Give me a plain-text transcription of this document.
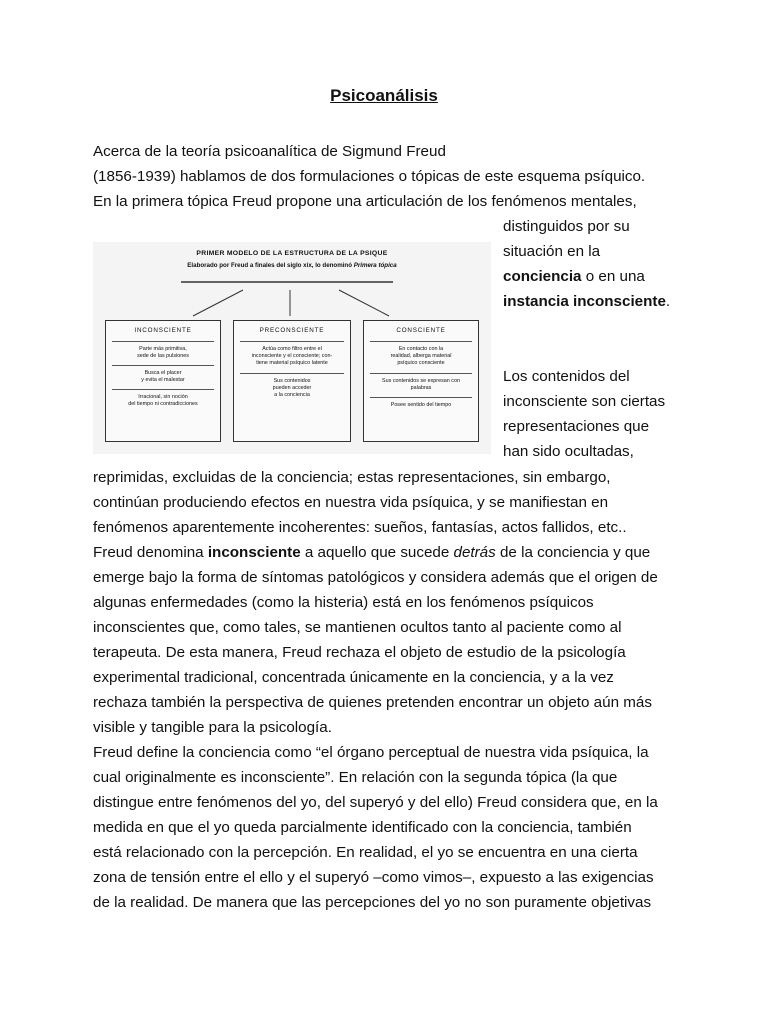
Psicoanálisis
Acerca de la teoría psicoanalítica de Sigmund Freud
(1856-1939) hablamos de dos formulaciones o tópicas de este esquema psíquico.
En la primera tópica Freud propone una articulación de los fenómenos mentales,
distinguidos por su
situación en la
conciencia o en una
instancia inconsciente.
Los contenidos del
inconsciente son ciertas
representaciones que
han sido ocultadas,
PRIMER MODELO DE LA ESTRUCTURA DE LA PSIQUE
Elaborado por Freud a finales del siglo xix, lo denominó Primera tópica
INCONSCIENTE
Parte más primitiva,
sede de las pulsiones
Busca el placer
y evita el malestar
Irracional, sin noción
del tiempo ni contradicciones
PRECONSCIENTE
Actúa como filtro entre el
inconsciente y el consciente; con-
tiene material psíquico latente
Sus contenidos
pueden acceder
a la conciencia
CONSCIENTE
En contacto con la
realidad, alberga material
psíquico consciente
Sus contenidos se expresan con
palabras
Posee sentido del tiempo
reprimidas, excluidas de la conciencia; estas representaciones, sin embargo,
continúan produciendo efectos en nuestra vida psíquica, y se manifiestan en
fenómenos aparentemente incoherentes: sueños, fantasías, actos fallidos, etc..
Freud denomina inconsciente a aquello que sucede detrás de la conciencia y que
emerge bajo la forma de síntomas patológicos y considera además que el origen de
algunas enfermedades (como la histeria) está en los fenómenos psíquicos
inconscientes que, como tales, se mantienen ocultos tanto al paciente como al
terapeuta. De esta manera, Freud rechaza el objeto de estudio de la psicología
experimental tradicional, concentrada únicamente en la conciencia, y a la vez
rechaza también la perspectiva de quienes pretenden encontrar un objeto aún más
visible y tangible para la psicología.
Freud define la conciencia como “el órgano perceptual de nuestra vida psíquica, la
cual originalmente es inconsciente”. En relación con la segunda tópica (la que
distingue entre fenómenos del yo, del superyó y del ello) Freud considera que, en la
medida en que el yo queda parcialmente identificado con la conciencia, también
está relacionado con la percepción. En realidad, el yo se encuentra en una cierta
zona de tensión entre el ello y el superyó –como vimos–, expuesto a las exigencias
de la realidad. De manera que las percepciones del yo no son puramente objetivas
